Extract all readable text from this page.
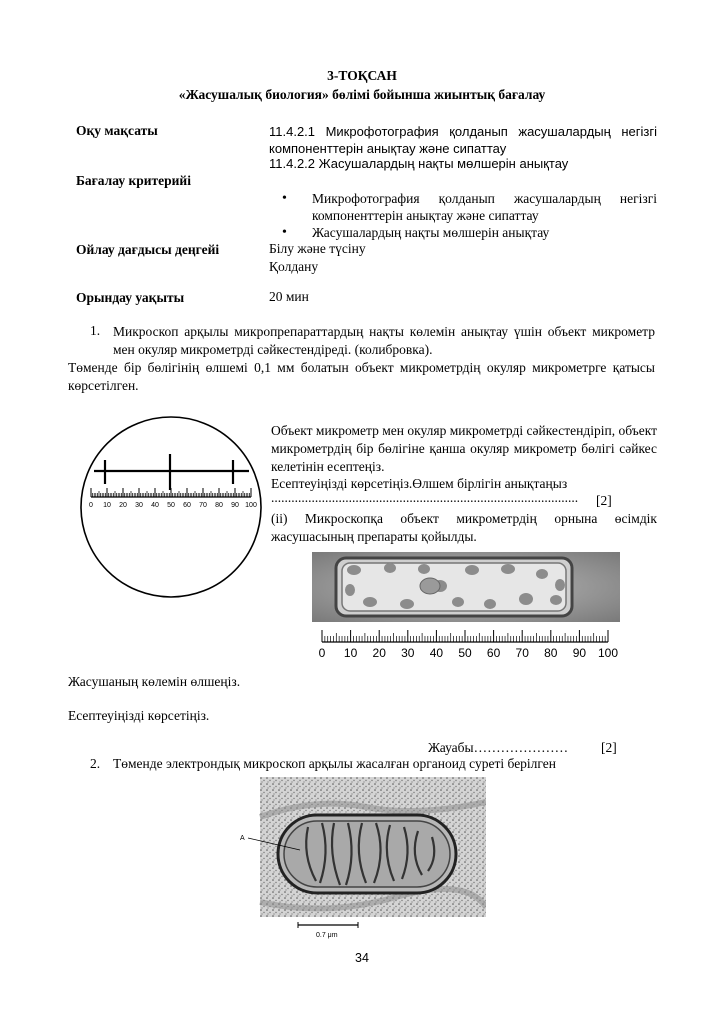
3-ТОҚСАН
«Жасушалық биология» бөлімі бойынша жиынтық бағалау
Оқу мақсаты	11.4.2.1 Микрофотография қолданып жасушалардың негізгі компоненттерін анықтау және сипаттау
11.4.2.2 Жасушалардың нақты мөлшерін анықтау
Бағалау критерийі
• Микрофотография қолданып жасушалардың негізгі компоненттерін анықтау және сипаттау
• Жасушалардың нақты мөлшерін анықтау
Ойлау дағдысы деңгейі	Білу және түсіну
Қолдану
Орындау уақыты	20 мин
1. Микроскоп арқылы микропрепараттардың нақты көлемін анықтау үшін объект микрометр мен окуляр микрометрді сәйкестендіреді. (колибровка).
Төменде бір бөлігінің өлшемі 0,1 мм болатын объект микрометрдің окуляр микрометрге қатысы көрсетілген.
0 10 20 30 40 50 60 70 80 90 100
Объект микрометр мен окуляр микрометрді сәйкестендіріп, объект микрометрдің бір бөлігіне қанша окуляр микрометр бөлігі сәйкес келетінін есептеңіз.
Есептеуіңізді көрсетіңіз.Өлшем бірлігін анықтаңыз
...........................................................................................	[2]
(ii) Микроскопқа объект микрометрдің орнына өсімдік жасушасының препараты қойылды.
0 10 20 30 40 50 60 70 80 90 100
Жасушаның көлемін өлшеңіз.
Есептеуіңізді көрсетіңіз.
Жауабы………………… [2]
2. Төменде электрондық микроскоп арқылы жасалған органоид суреті берілген
A
0.7 μm
34
